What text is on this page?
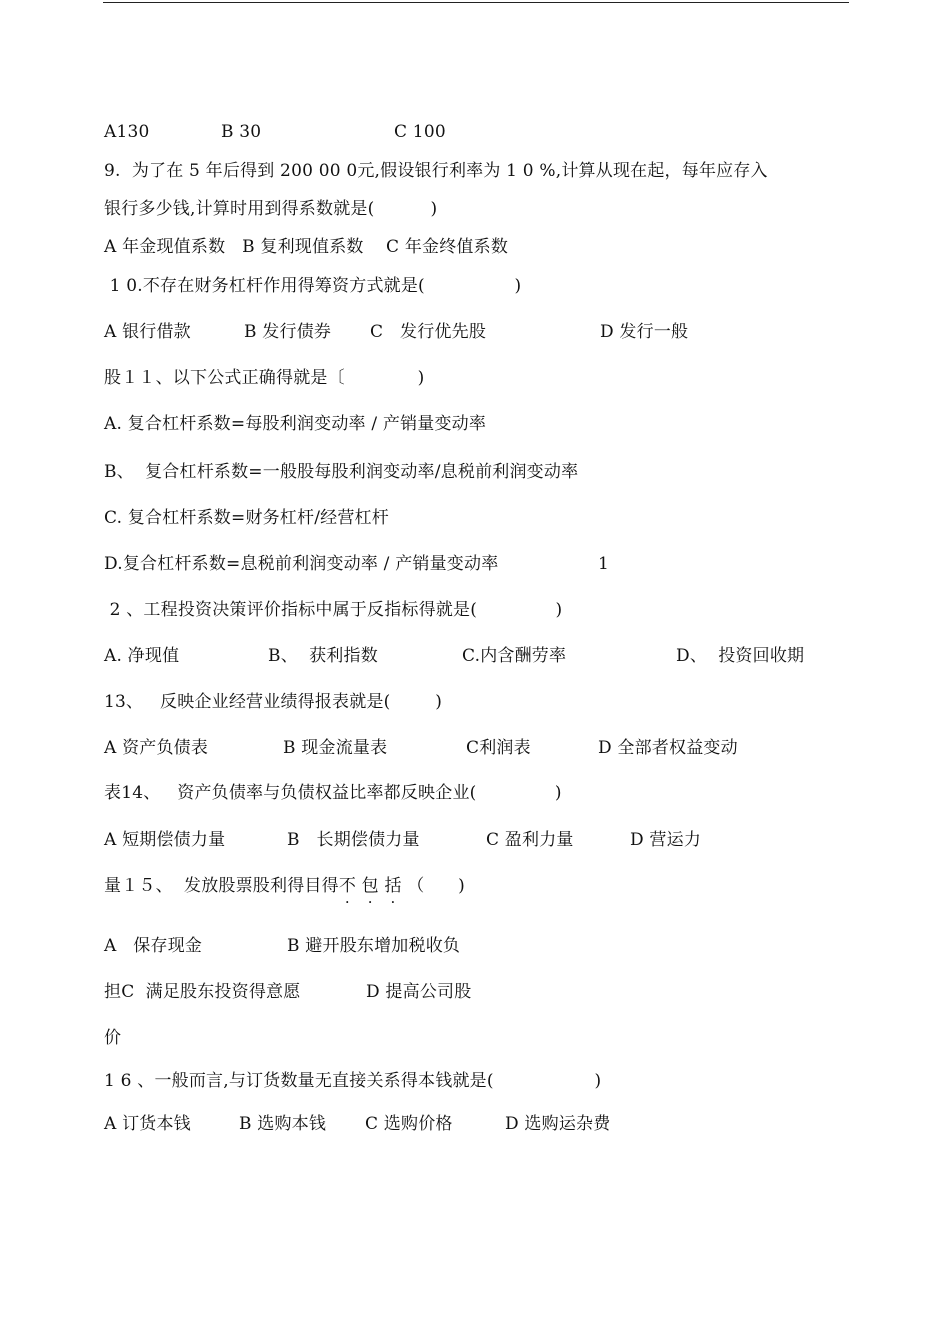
A130	B 30	C 100
9.  为了在 5 年后得到 200 00 0元,假设银行利率为 1 0 %,计算从现在起，每年应存入
银行多少钱,计算时用到得系数就是(          )
A 年金现值系数   B 复利现值系数    C 年金终值系数
1 0.不存在财务杠杆作用得筹资方式就是(                )
A 银行借款	B 发行债券 C   发行优先股	D 发行一般
股１１、以下公式正确得就是〔             )
A. 复合杠杆系数=每股利润变动率 / 产销量变动率
B、  复合杠杆系数=一般股每股利润变动率/息税前利润变动率
C. 复合杠杆系数=财务杠杆/经营杠杆
D.复合杠杆系数=息税前利润变动率 / 产销量变动率	1
2 、工程投资决策评价指标中属于反指标得就是(              )
A. 净现值	B、  获利指数	C.内含酬劳率	D、  投资回收期
13、   反映企业经营业绩得报表就是(        )
A 资产负债表	B 现金流量表	C利润表	D 全部者权益变动
表14、   资产负债率与负债权益比率都反映企业(              )
A 短期偿债力量	B   长期偿债力量	C 盈利力量	D 营运力
量１５、  发放股票股利得目得不 包 括 （      )
A   保存现金	B 避开股东增加税收负
担C  满足股东投资得意愿	D 提高公司股
价
1 6 、一般而言,与订货数量无直接关系得本钱就是(                  )
A 订货本钱	B 选购本钱 C 选购价格	D 选购运杂费
